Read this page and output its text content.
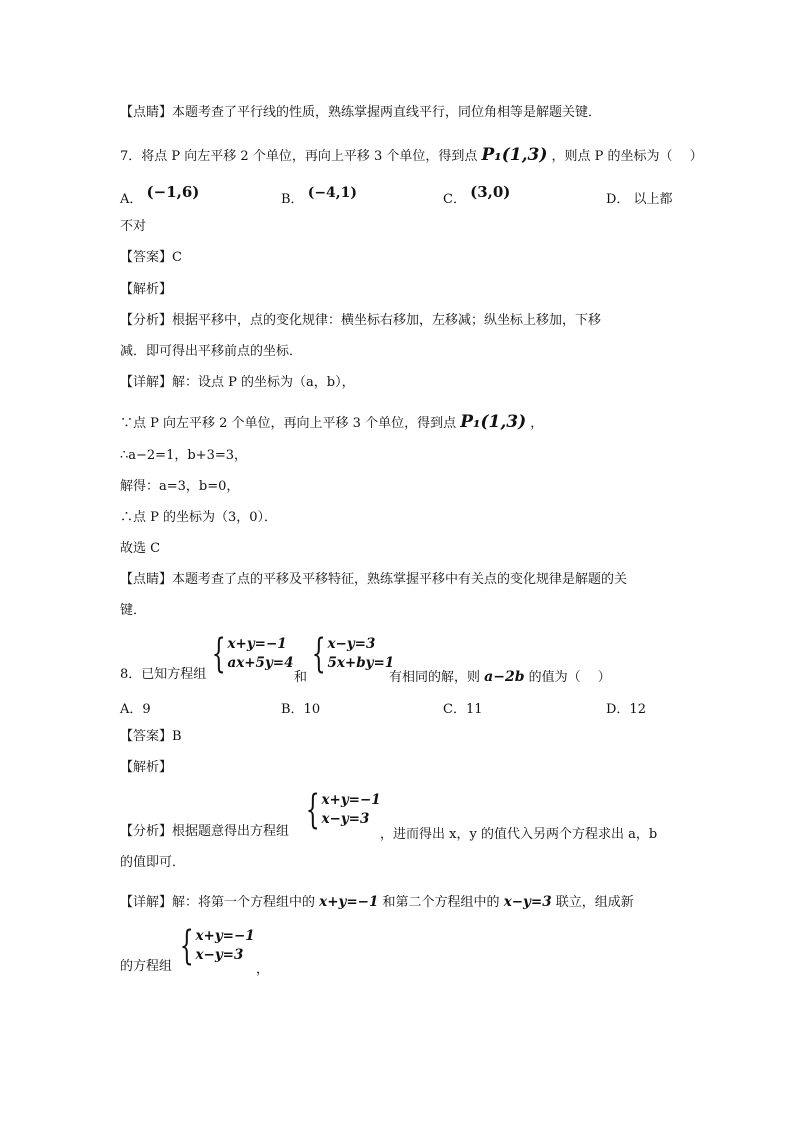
【点睛】本题考查了平行线的性质，熟练掌握两直线平行，同位角相等是解题关键．
7．将点 P 向左平移 2 个单位，再向上平移 3 个单位，得到点 P₁(1,3) ，则点 P 的坐标为（　 ）
A． (−1,6)	B． (−4,1)	C． (3,0)	D． 以上都
不对
【答案】C
【解析】
【分析】根据平移中，点的变化规律：横坐标右移加，左移减；纵坐标上移加，下移
减．即可得出平移前点的坐标．
【详解】解：设点 P 的坐标为（a，b），
∵点 P 向左平移 2 个单位，再向上平移 3 个单位，得到点 P₁(1,3) ，
∴a−2=1，b+3=3，
解得：a=3，b=0，
∴点 P 的坐标为（3，0）．
故选 C
【点睛】本题考查了点的平移及平移特征，熟练掌握平移中有关点的变化规律是解题的关
键．
8．已知方程组 { x+y=−1
ax+5y=4
和
{ x−y=3
5x+by=1
有相同的解，则 a−2b 的值为（　 ）
A．9	B．10	C．11	D．12
【答案】B
【解析】
【分析】根据题意得出方程组 { x+y=−1
x−y=3
，进而得出 x，y 的值代入另两个方程求出 a，b
的值即可．
【详解】解：将第一个方程组中的 x+y=−1 和第二个方程组中的 x−y=3 联立，组成新
的方程组 { x+y=−1
x−y=3
，
